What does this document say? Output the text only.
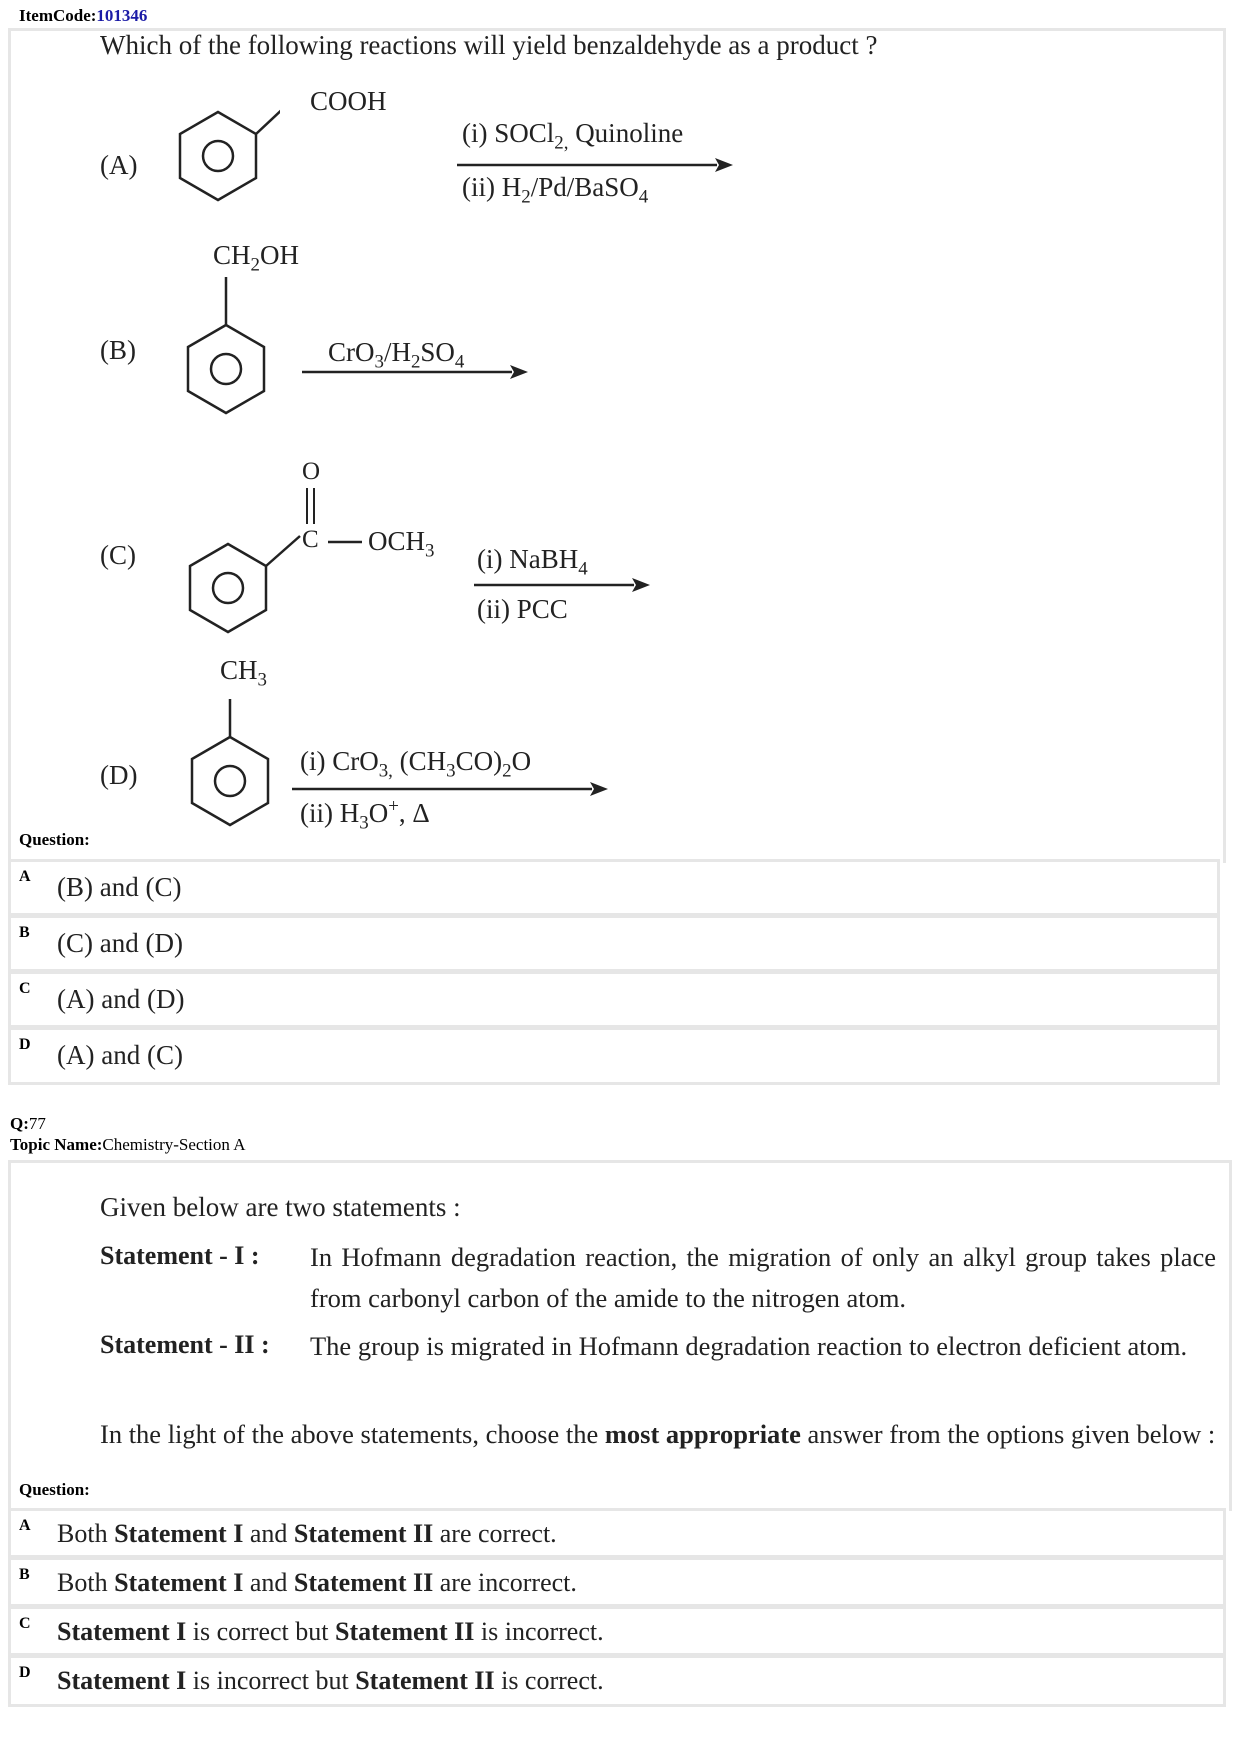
ItemCode:101346
Which of the following reactions will yield benzaldehyde as a product ?
(A)
COOH
(i) SOCl$_{2,}$ Quinoline
(ii) $H_2/Pd/BaSO_4$
$CH_2OH$
(B)	$CrO_3/H_2SO_4$
(C)
O
C $OCH_3$ (i) NaBH$_4$
(ii) PCC
$CH_3$
(D)	(i) CrO$_{3,}$ $(CH_3CO)_2O$
(ii) $H_3O^+$, Δ
Question:
A (B) and (C)
B (C) and (D)
C (A) and (D)
D (A) and (C)
Q:77
Topic Name:Chemistry-Section A
Given below are two statements :
Statement - I : In Hofmann degradation reaction, the migration of only an alkyl group takes place from carbonyl carbon of the amide to the nitrogen atom.
Statement - II : The group is migrated in Hofmann degradation reaction to electron deficient atom.
In the light of the above statements, choose the most appropriate answer from the options given below :
Question:
A Both Statement I and Statement II are correct.
B Both Statement I and Statement II are incorrect.
C Statement I is correct but Statement II is incorrect.
D Statement I is incorrect but Statement II is correct.
